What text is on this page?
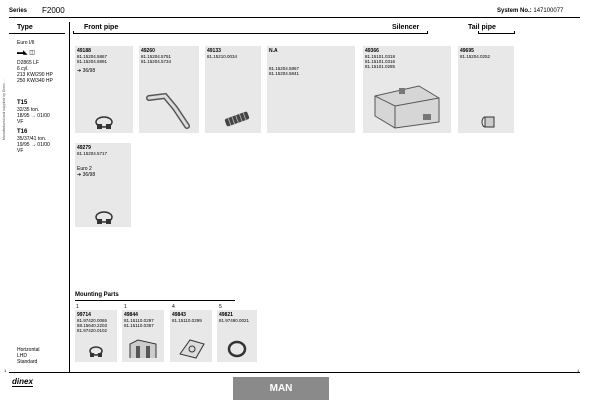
Series F2000	System No.: 147100077
Manufactured and supplied by Dinex ...
Type	Front pipe	Silencer	Tail pipe
Euro I/II
▬◣ ◫
D2865 LF
6 cyl.
213 KW/290 HP
250 KW/340 HP
T15
32/35 ton.
18/95 → 01/00
VF
T16
35/37/41 ton.
19/95 → 01/00
VF
Horizontal
LHD
Standard
49188
81.15204.5867
81.15204.5891
➔ 36/98
49260
81.15204.5751
81.15204.5734
49133
81.15210.0034
N.A
81.15204.5867
81.15204.5841
49366
81.15101.0318
81.15101.0316
81.15101.0285
49695
81.15204.0252
49279
81.15204.5717
Euro 2
➔ 36/98
Mounting Parts
1
99714
81.97420.0065
88.15640.2203
81.97420.0102
1
49844
81.15110.0297
81.15110.0357
4
49843
81.15110.0299
5
49821
81.97490.0021
1	1
dinex
MAN
